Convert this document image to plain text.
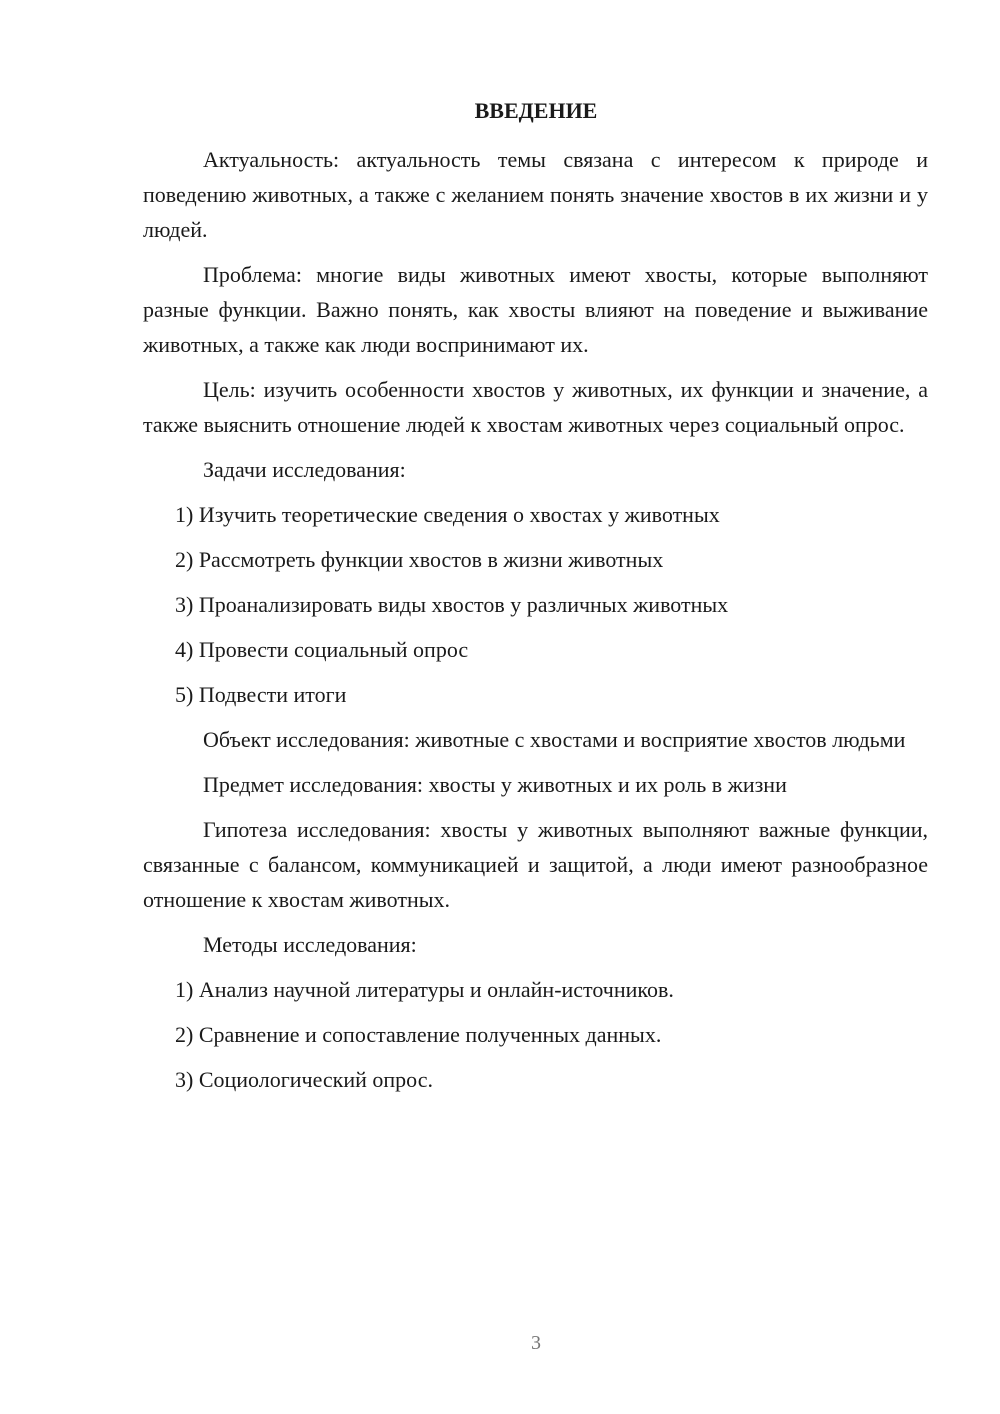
ВВЕДЕНИЕ

Актуальность: актуальность темы связана с интересом к природе и поведению животных, а также с желанием понять значение хвостов в их жизни и у людей.

Проблема: многие виды животных имеют хвосты, которые выполняют разные функции. Важно понять, как хвосты влияют на поведение и выживание животных, а также как люди воспринимают их.

Цель: изучить особенности хвостов у животных, их функции и значение, а также выяснить отношение людей к хвостам животных через социальный опрос.

Задачи исследования:

1) Изучить теоретические сведения о хвостах у животных

2) Рассмотреть функции хвостов в жизни животных

3) Проанализировать виды хвостов у различных животных

4) Провести социальный опрос

5) Подвести итоги

Объект исследования: животные с хвостами и восприятие хвостов людьми

Предмет исследования: хвосты у животных и их роль в жизни

Гипотеза исследования: хвосты у животных выполняют важные функции, связанные с балансом, коммуникацией и защитой, а люди имеют разнообразное отношение к хвостам животных.

Методы исследования:

1) Анализ научной литературы и онлайн-источников.

2) Сравнение и сопоставление полученных данных.

3) Социологический опрос.

3
